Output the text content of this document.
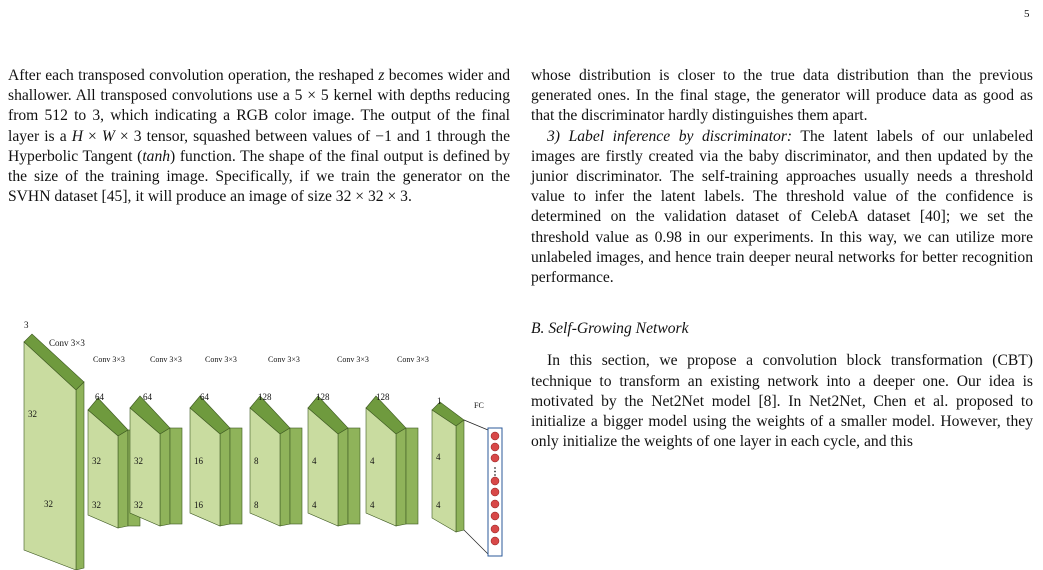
5

After each transposed convolution operation, the reshaped z becomes wider and shallower. All transposed convolutions use a 5 × 5 kernel with depths reducing from 512 to 3, which indicating a RGB color image. The output of the final layer is a H × W × 3 tensor, squashed between values of −1 and 1 through the Hyperbolic Tangent (tanh) function. The shape of the final output is defined by the size of the training image. Specifically, if we train the generator on the SVHN dataset [45], it will produce an image of size 32 × 32 × 3.

3
Conv 3×3
32
32
Conv 3×3
64
32
32
Conv 3×3
64
32
32
Conv 3×3
64
16
16
Conv 3×3
128
8
8
Conv 3×3
128
4
4
Conv 3×3
128
4
4
1
4
4
FC

whose distribution is closer to the true data distribution than the previous generated ones. In the final stage, the generator will produce data as good as that the discriminator hardly distinguishes them apart.

3) Label inference by discriminator: The latent labels of our unlabeled images are firstly created via the baby discriminator, and then updated by the junior discriminator. The self-training approaches usually needs a threshold value to infer the latent labels. The threshold value of the confidence is determined on the validation dataset of CelebA dataset [40]; we set the threshold value as 0.98 in our experiments. In this way, we can utilize more unlabeled images, and hence train deeper neural networks for better recognition performance.

B. Self-Growing Network

In this section, we propose a convolution block transformation (CBT) technique to transform an existing network into a deeper one. Our idea is motivated by the Net2Net model [8]. In Net2Net, Chen et al. proposed to initialize a bigger model using the weights of a smaller model. However, they only initialize the weights of one layer in each cycle, and this
